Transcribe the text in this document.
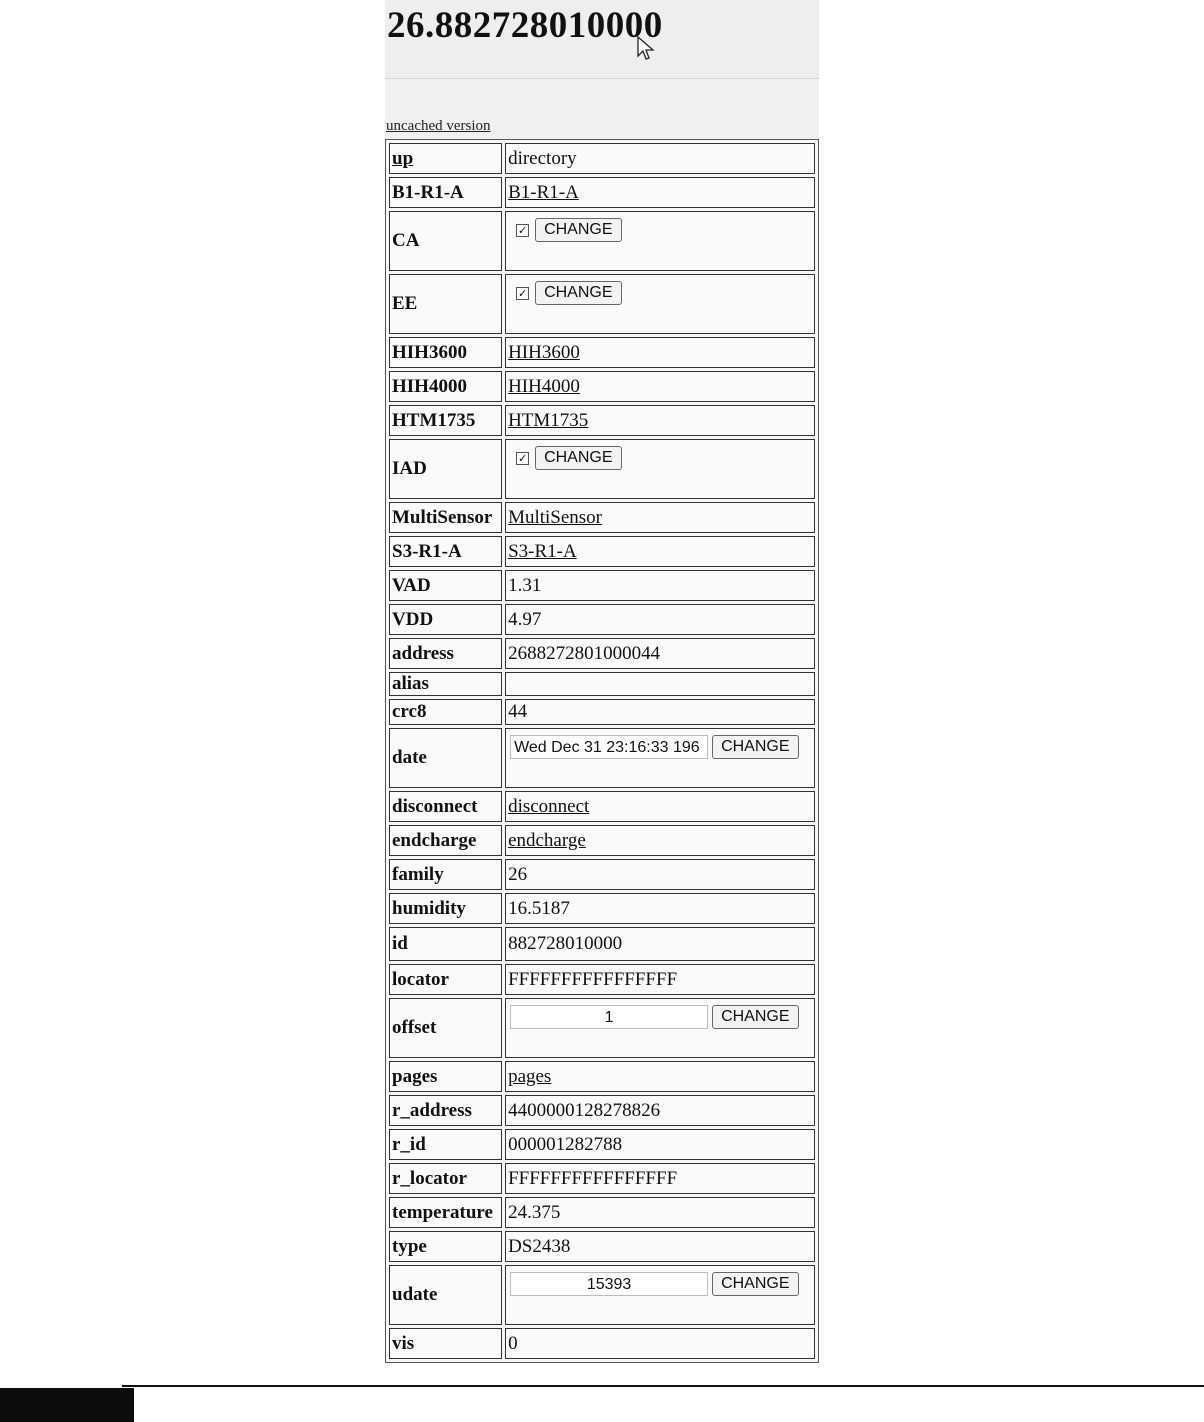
26.882728010000
uncached version
up	directory
B1-R1-A	B1-R1-A
CA	✓ CHANGE
EE	✓ CHANGE
HIH3600	HIH3600
HIH4000	HIH4000
HTM1735	HTM1735
IAD	✓ CHANGE
MultiSensor	MultiSensor
S3-R1-A	S3-R1-A
VAD	1.31
VDD	4.97
address	2688272801000044
alias	
crc8	44
date	Wed Dec 31 23:16:33 196 CHANGE
disconnect	disconnect
endcharge	endcharge
family	26
humidity	16.5187
id	882728010000
locator	FFFFFFFFFFFFFFFF
offset	1 CHANGE
pages	pages
r_address	4400000128278826
r_id	000001282788
r_locator	FFFFFFFFFFFFFFFF
temperature	24.375
type	DS2438
udate	15393 CHANGE
vis	0
